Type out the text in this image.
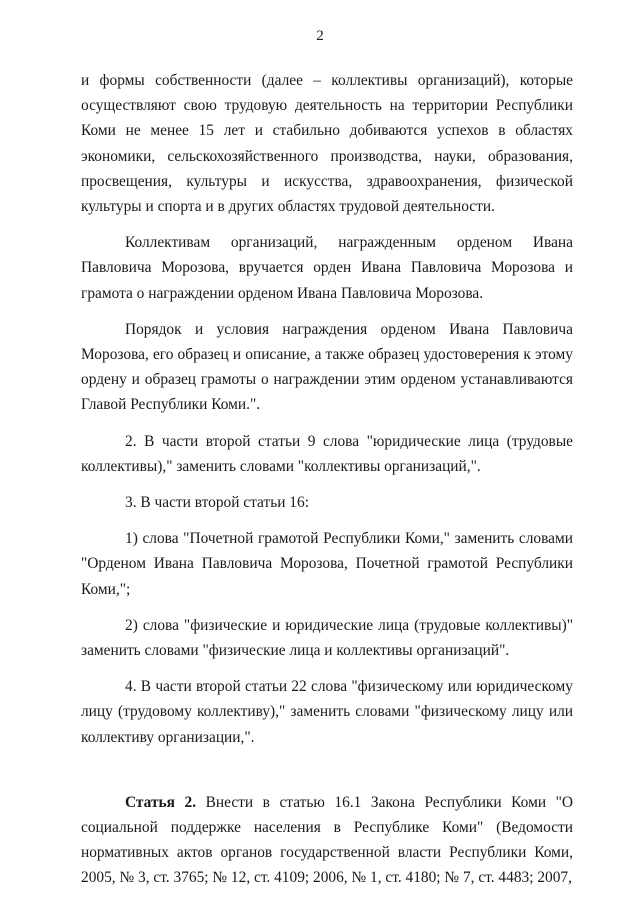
2

и формы собственности (далее – коллективы организаций), которые осуществляют свою трудовую деятельность на территории Республики Коми не менее 15 лет и стабильно добиваются успехов в областях экономики, сельскохозяйственного производства, науки, образования, просвещения, культуры и искусства, здравоохранения, физической культуры и спорта и в других областях трудовой деятельности.

Коллективам организаций, награжденным орденом Ивана Павловича Морозова, вручается орден Ивана Павловича Морозова и грамота о награждении орденом Ивана Павловича Морозова.

Порядок и условия награждения орденом Ивана Павловича Морозова, его образец и описание, а также образец удостоверения к этому ордену и образец грамоты о награждении этим орденом устанавливаются Главой Республики Коми.".

2. В части второй статьи 9 слова "юридические лица (трудовые коллективы)," заменить словами "коллективы организаций,".

3. В части второй статьи 16:

1) слова "Почетной грамотой Республики Коми," заменить словами "Орденом Ивана Павловича Морозова, Почетной грамотой Республики Коми,";

2) слова "физические и юридические лица (трудовые коллективы)" заменить словами "физические лица и коллективы организаций".

4. В части второй статьи 22 слова "физическому или юридическому лицу (трудовому коллективу)," заменить словами "физическому лицу или коллективу организации,".

Статья 2. Внести в статью 16.1 Закона Республики Коми "О социальной поддержке населения в Республике Коми" (Ведомости нормативных актов органов государственной власти Республики Коми, 2005, № 3, ст. 3765; № 12, ст. 4109; 2006, № 1, ст. 4180; № 7, ст. 4483; 2007,
